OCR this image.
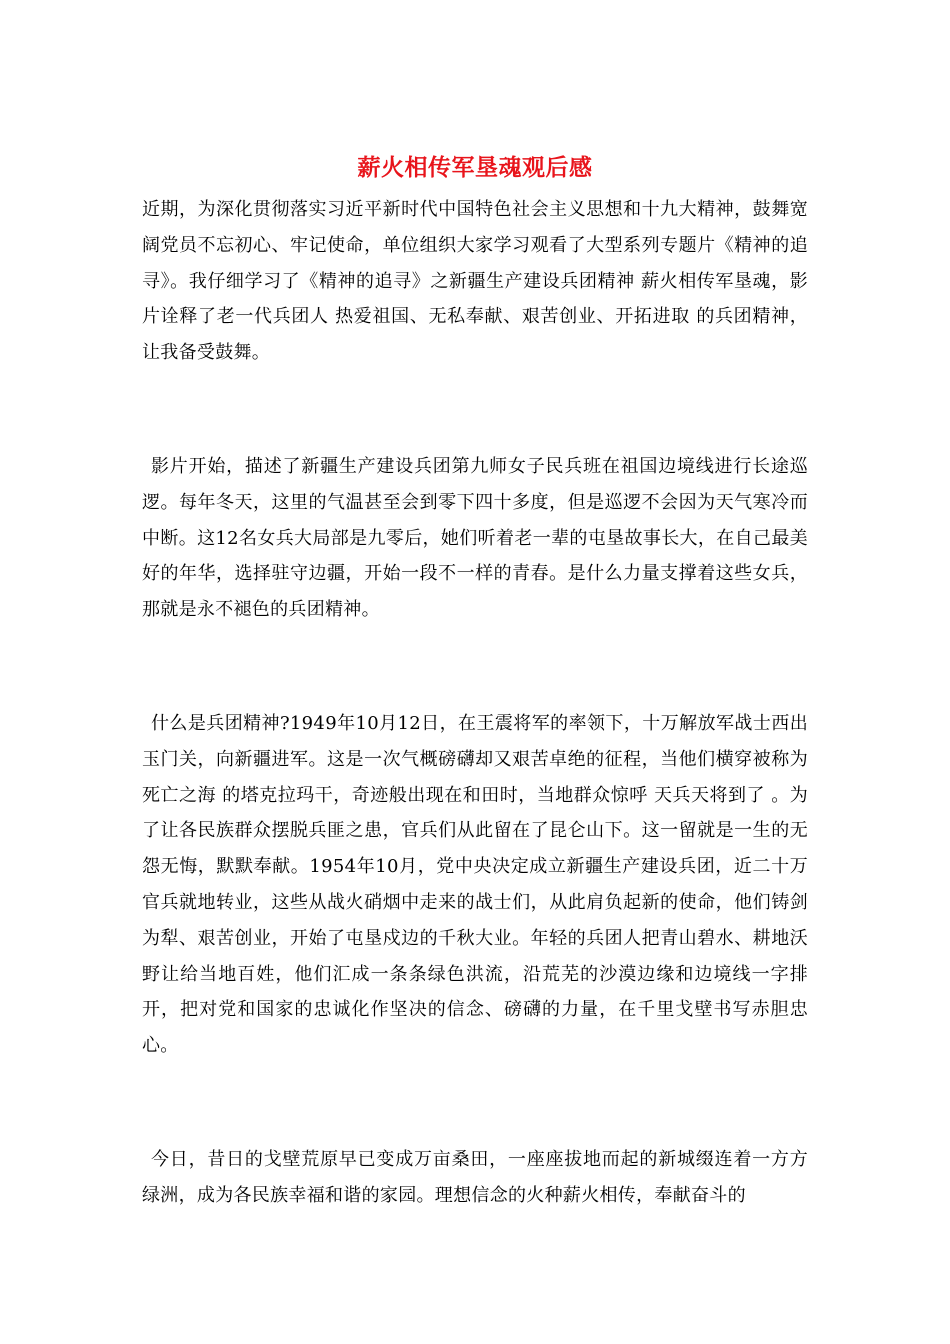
薪火相传军垦魂观后感

近期，为深化贯彻落实习近平新时代中国特色社会主义思想和十九大精神，鼓舞宽阔党员不忘初心、牢记使命，单位组织大家学习观看了大型系列专题片《精神的追寻》。我仔细学习了《精神的追寻》之新疆生产建设兵团精神 薪火相传军垦魂，影片诠释了老一代兵团人 热爱祖国、无私奉献、艰苦创业、开拓进取 的兵团精神，让我备受鼓舞。

影片开始，描述了新疆生产建设兵团第九师女子民兵班在祖国边境线进行长途巡逻。每年冬天，这里的气温甚至会到零下四十多度，但是巡逻不会因为天气寒冷而中断。这12名女兵大局部是九零后，她们听着老一辈的屯垦故事长大，在自己最美好的年华，选择驻守边疆，开始一段不一样的青春。是什么力量支撑着这些女兵，那就是永不褪色的兵团精神。

什么是兵团精神?1949年10月12日，在王震将军的率领下，十万解放军战士西出玉门关，向新疆进军。这是一次气概磅礴却又艰苦卓绝的征程，当他们横穿被称为 死亡之海 的塔克拉玛干，奇迹般出现在和田时，当地群众惊呼 天兵天将到了 。为了让各民族群众摆脱兵匪之患，官兵们从此留在了昆仑山下。这一留就是一生的无怨无悔，默默奉献。1954年10月，党中央决定成立新疆生产建设兵团，近二十万官兵就地转业，这些从战火硝烟中走来的战士们，从此肩负起新的使命，他们铸剑为犁、艰苦创业，开始了屯垦戍边的千秋大业。年轻的兵团人把青山碧水、耕地沃野让给当地百姓，他们汇成一条条绿色洪流，沿荒芜的沙漠边缘和边境线一字排开，把对党和国家的忠诚化作坚决的信念、磅礴的力量，在千里戈壁书写赤胆忠心。

今日，昔日的戈壁荒原早已变成万亩桑田，一座座拔地而起的新城缀连着一方方绿洲，成为各民族幸福和谐的家园。理想信念的火种薪火相传，奉献奋斗的
